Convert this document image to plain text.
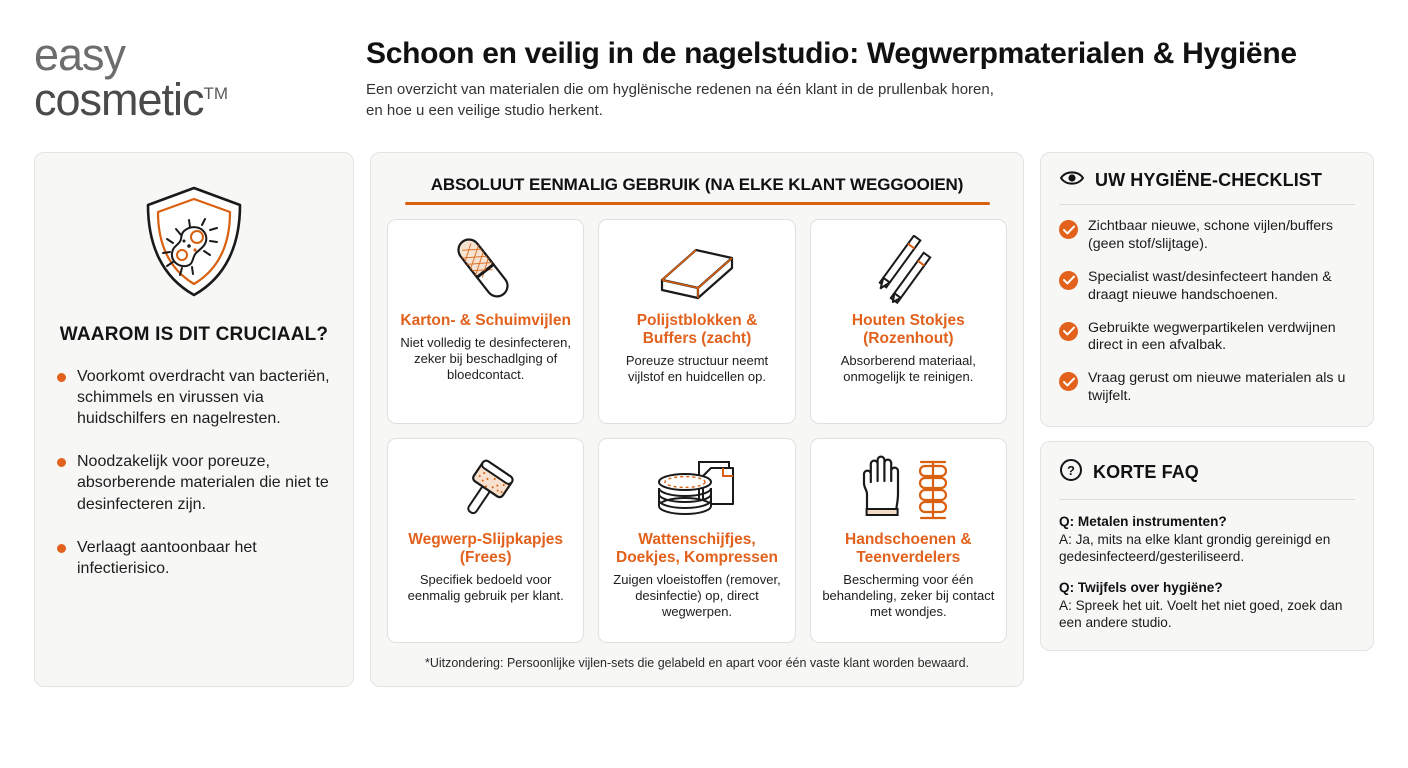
easy
cosmetic™
Schoon en veilig in de nagelstudio: Wegwerpmaterialen & Hygiëne
Een overzicht van materialen die om hyglënische redenen na één klant in de prullenbak horen, en hoe u een veilige studio herkent.
WAAROM IS DIT CRUCIAAL?
Voorkomt overdracht van bacteriën, schimmels en virussen via huidschilfers en nagelresten.
Noodzakelijk voor poreuze, absorberende materialen die niet te desinfecteren zijn.
Verlaagt aantoonbaar het infectierisico.
ABSOLUUT EENMALIG GEBRUIK (NA ELKE KLANT WEGGOOIEN)
Karton- & Schuimvijlen
Niet volledig te desinfecteren, zeker bij beschadlging of bloedcontact.
Polijstblokken & Buffers (zacht)
Poreuze structuur neemt vijlstof en huidcellen op.
Houten Stokjes (Rozenhout)
Absorberend materiaal, onmogelijk te reinigen.
Wegwerp-Slijpkapjes (Frees)
Specifiek bedoeld voor eenmalig gebruik per klant.
Wattenschijfjes, Doekjes, Kompressen
Zuigen vloeistoffen (remover, desinfectie) op, direct wegwerpen.
Handschoenen & Teenverdelers
Bescherming voor één behandeling, zeker bij contact met wondjes.
*Uitzondering: Persoonlijke vijlen-sets die gelabeld en apart voor één vaste klant worden bewaard.
UW HYGIËNE-CHECKLIST
Zichtbaar nieuwe, schone vijlen/buffers (geen stof/slijtage).
Specialist wast/desinfecteert handen & draagt nieuwe handschoenen.
Gebruikte wegwerpartikelen verdwijnen direct in een afvalbak.
Vraag gerust om nieuwe materialen als u twijfelt.
? KORTE FAQ
Q: Metalen instrumenten?
A: Ja, mits na elke klant grondig gereinigd en gedesinfecteerd/gesteriliseerd.
Q: Twijfels over hygiëne?
A: Spreek het uit. Voelt het niet goed, zoek dan een andere studio.
